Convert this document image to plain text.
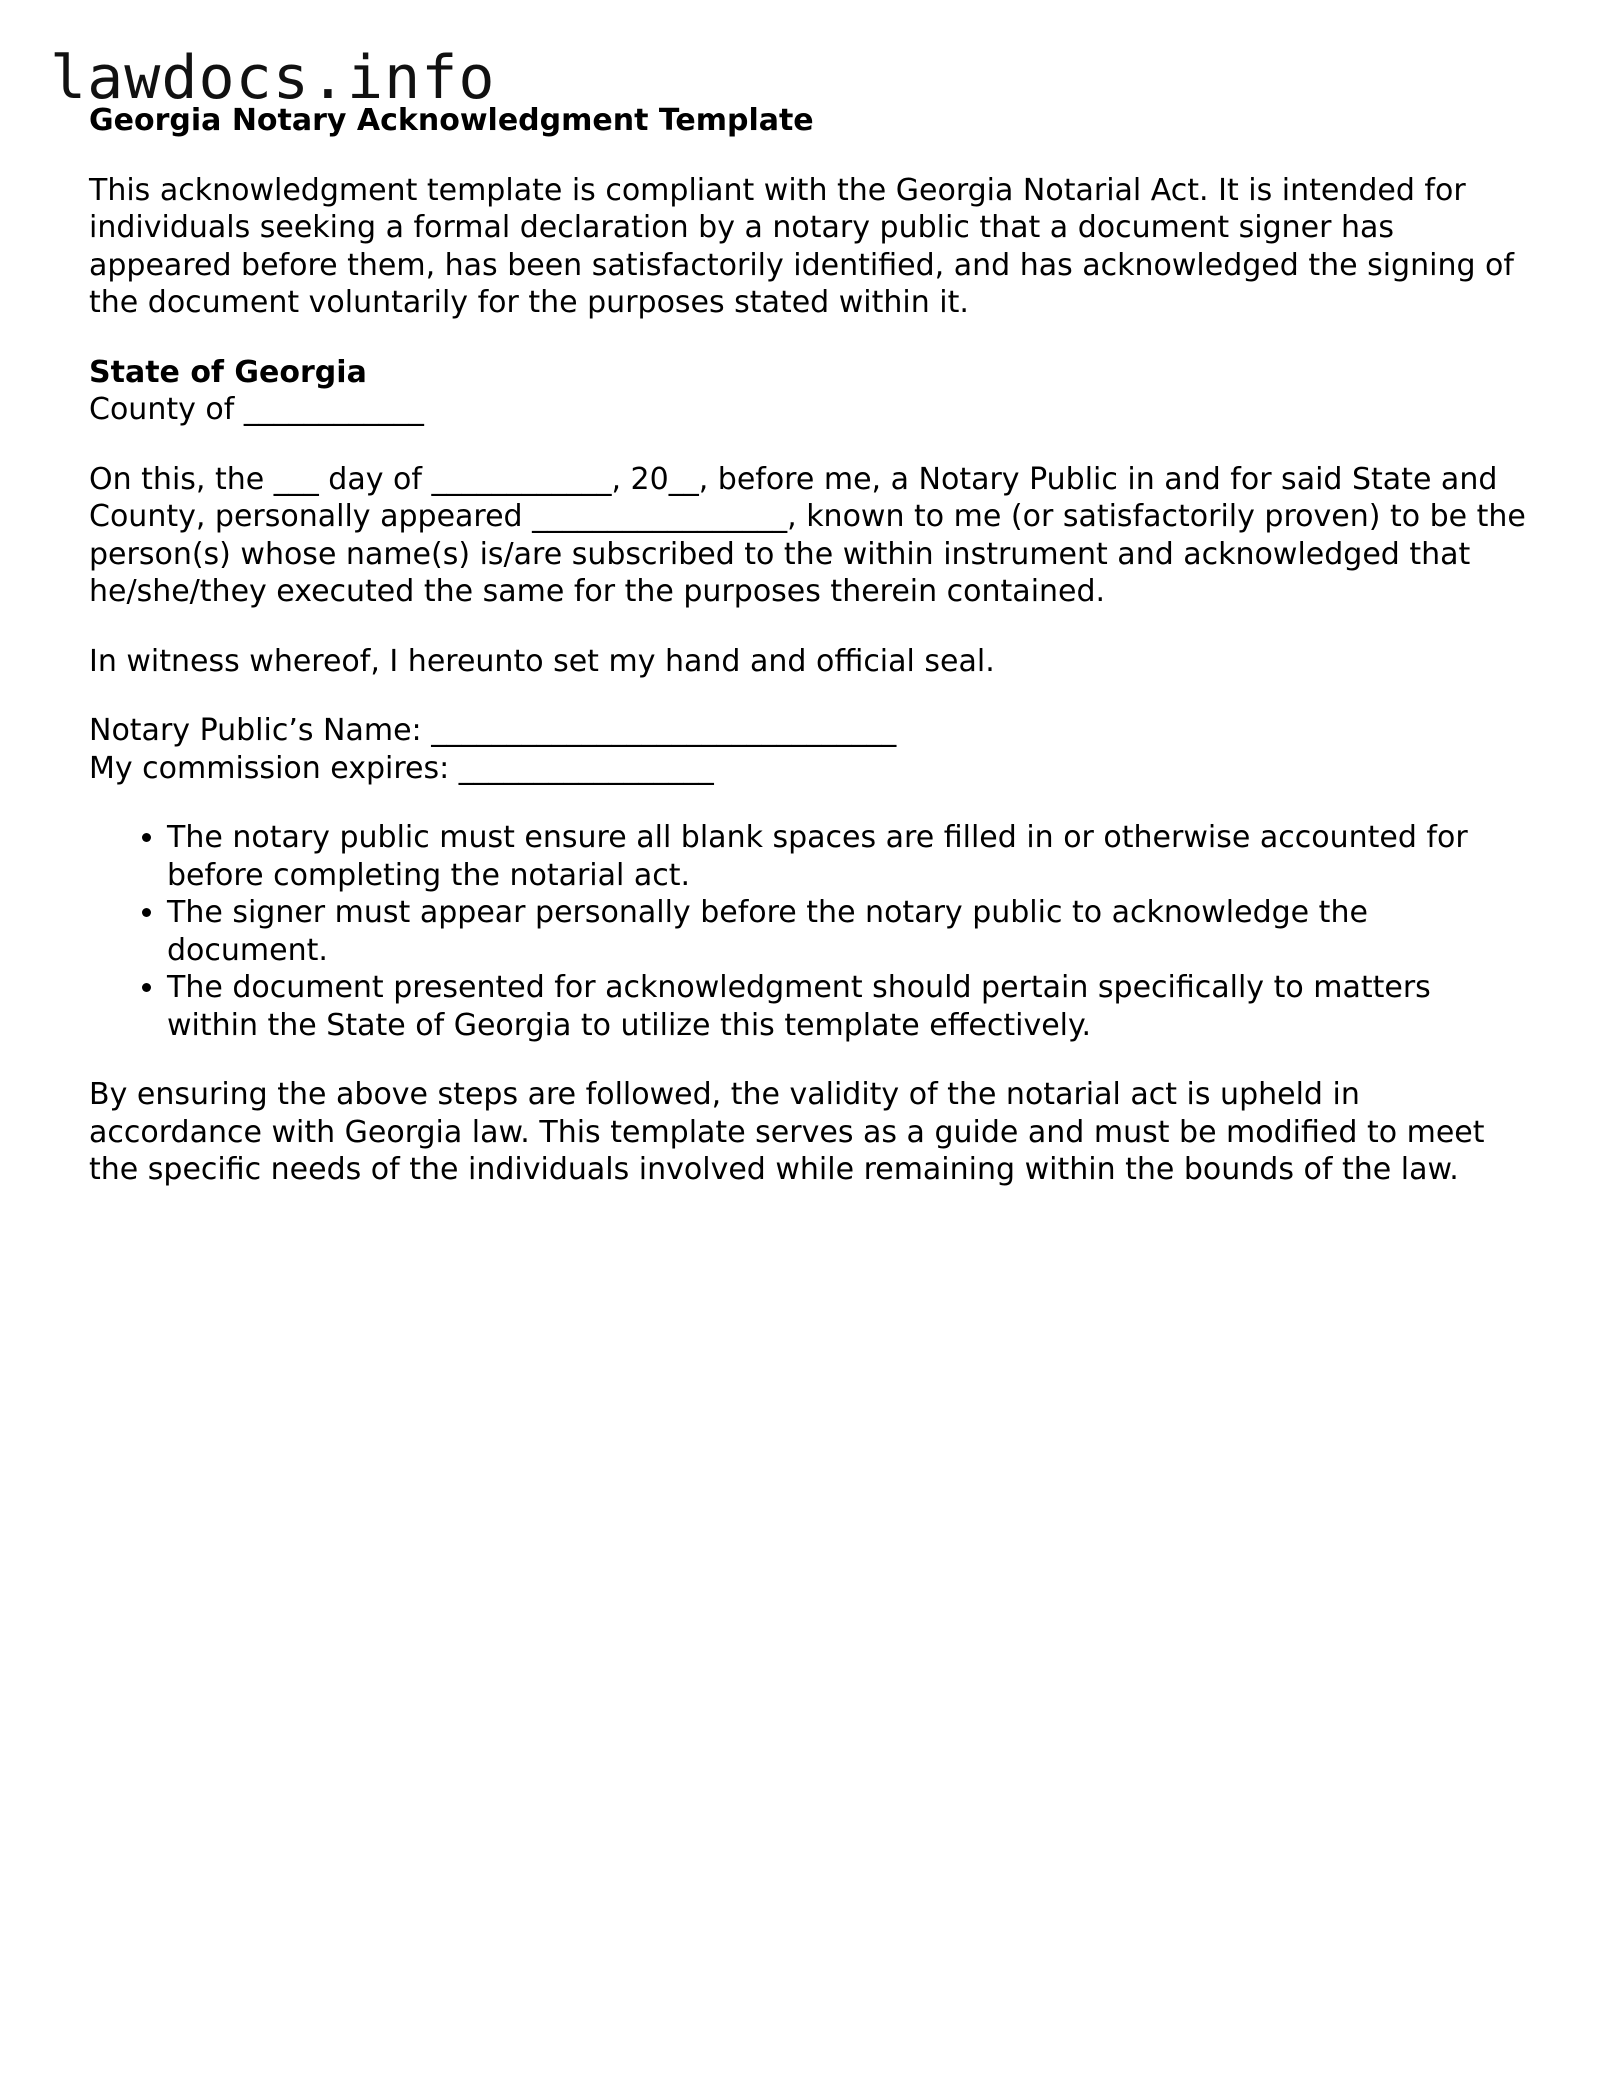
lawdocs.info
Georgia Notary Acknowledgment Template

This acknowledgment template is compliant with the Georgia Notarial Act. It is intended for individuals seeking a formal declaration by a notary public that a document signer has appeared before them, has been satisfactorily identified, and has acknowledged the signing of the document voluntarily for the purposes stated within it.

State of Georgia
County of ____________

On this, the ___ day of ____________, 20__, before me, a Notary Public in and for said State and County, personally appeared _________________, known to me (or satisfactorily proven) to be the person(s) whose name(s) is/are subscribed to the within instrument and acknowledged that he/she/they executed the same for the purposes therein contained.

In witness whereof, I hereunto set my hand and official seal.

Notary Public’s Name: _______________________________
My commission expires: _________________
• The notary public must ensure all blank spaces are filled in or otherwise accounted for before completing the notarial act.
• The signer must appear personally before the notary public to acknowledge the document.
• The document presented for acknowledgment should pertain specifically to matters within the State of Georgia to utilize this template effectively.

By ensuring the above steps are followed, the validity of the notarial act is upheld in accordance with Georgia law. This template serves as a guide and must be modified to meet the specific needs of the individuals involved while remaining within the bounds of the law.
